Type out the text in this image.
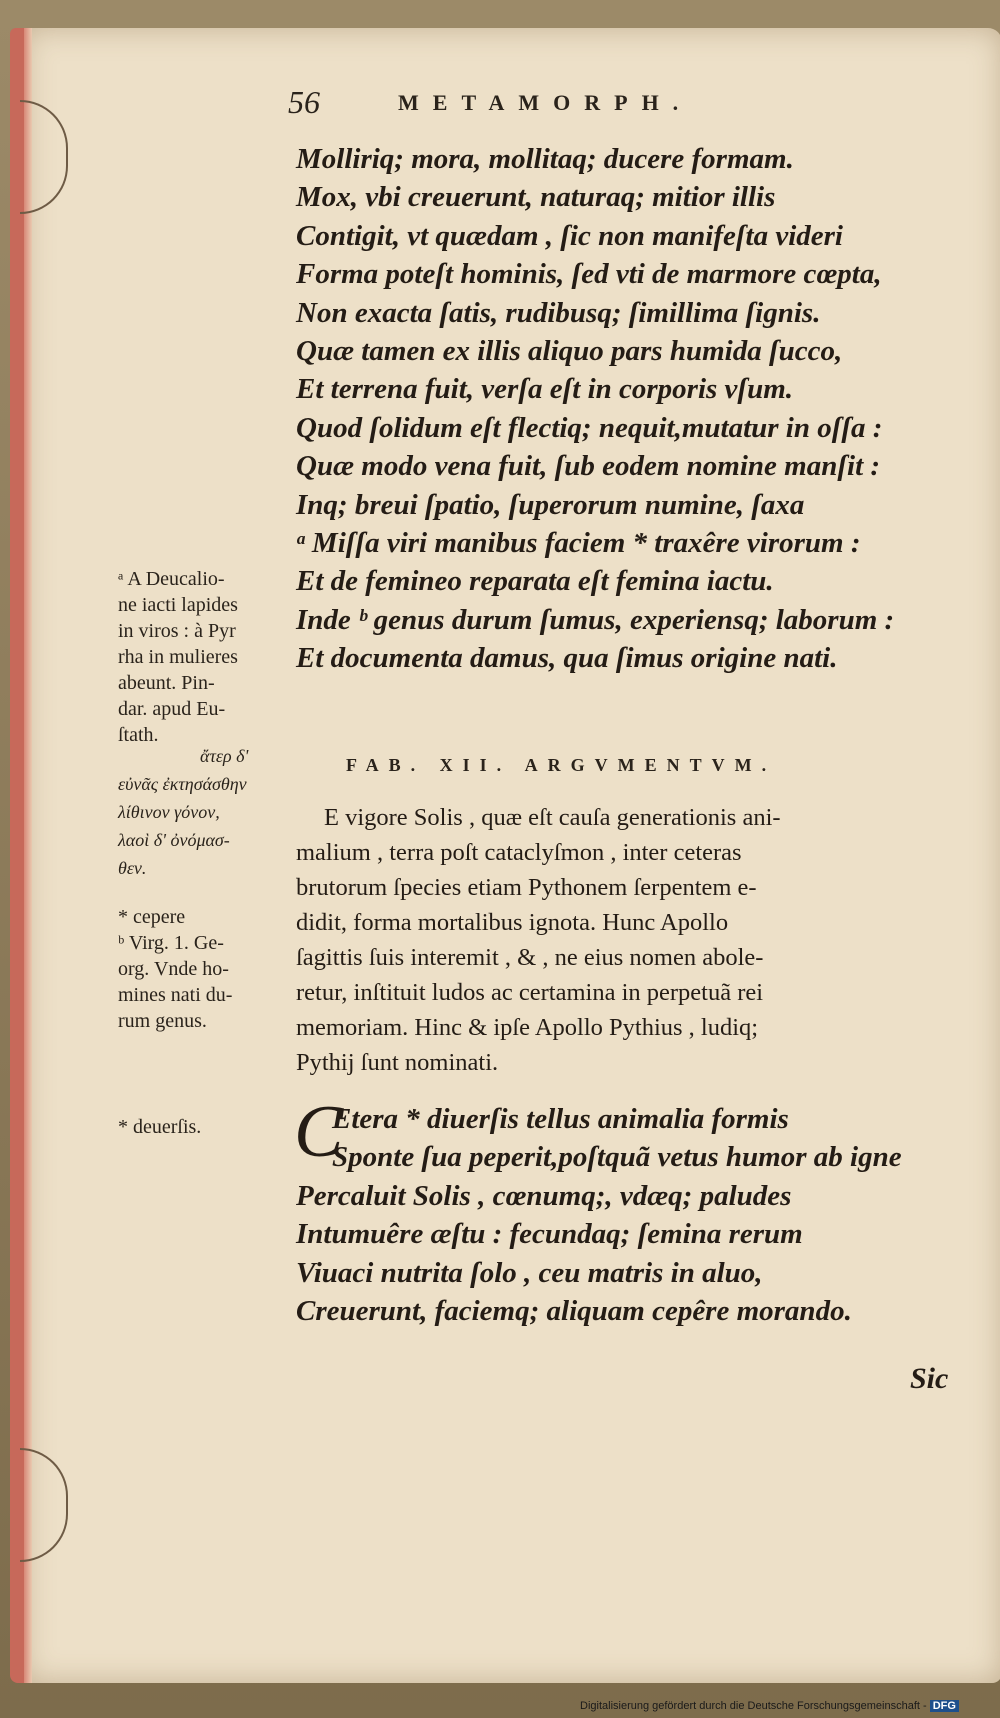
56	METAMORPH.
Molliriq; mora, mollitaq; ducere formam.
Mox, vbi creuerunt, naturaq; mitior illis
Contigit, vt quædam , ſic non manifeſta videri
Forma poteſt hominis, ſed vti de marmore cœpta,
Non exacta ſatis, rudibusq; ſimillima ſignis.
Quæ tamen ex illis aliquo pars humida ſucco,
Et terrena fuit, verſa eſt in corporis vſum.
Quod ſolidum eſt flectiq; nequit,mutatur in oſſa :
Quæ modo vena fuit, ſub eodem nomine manſit :
Inq; breui ſpatio, ſuperorum numine, ſaxa
ᵃ Miſſa viri manibus faciem * traxêre virorum :
Et de femineo reparata eſt femina iactu.
Inde ᵇ genus durum ſumus, experiensq; laborum :
Et documenta damus, qua ſimus origine nati.
FAB. XII. ARGVMENTVM.
E vigore Solis , quæ eſt cauſa generationis ani-
malium , terra poſt cataclyſmon , inter ceteras
brutorum ſpecies etiam Pythonem ſerpentem e-
didit, forma mortalibus ignota. Hunc Apollo
ſagittis ſuis interemit , & , ne eius nomen abole-
retur, inſtituit ludos ac certamina in perpetuã rei
memoriam. Hinc & ipſe Apollo Pythius , ludiq;
Pythij ſunt nominati.
C
Etera * diuerſis tellus animalia formis
Sponte ſua peperit,poſtquã vetus humor ab igne
Percaluit Solis , cœnumq;, vdæq; paludes
Intumuêre æſtu : fecundaq; ſemina rerum
Viuaci nutrita ſolo , ceu matris in aluo,
Creuerunt, faciemq; aliquam cepêre morando.
Sic
ᵃ A Deucalio-
ne iacti lapides
in viros : à Pyr
rha in mulieres
abeunt. Pin-
dar. apud Eu-
ſtath.
ἄτερ δ'
εὐνᾶς ἐκτησάσθην
λίθινον γόνον,
λαοὶ δ' ὀνόμασ-
θεν.
* cepere
ᵇ Virg. 1. Ge-
org. Vnde ho-
mines nati du-
rum genus.
* deuerſis.
Digitalisierung gefördert durch die Deutsche Forschungsgemeinschaft - DFG
